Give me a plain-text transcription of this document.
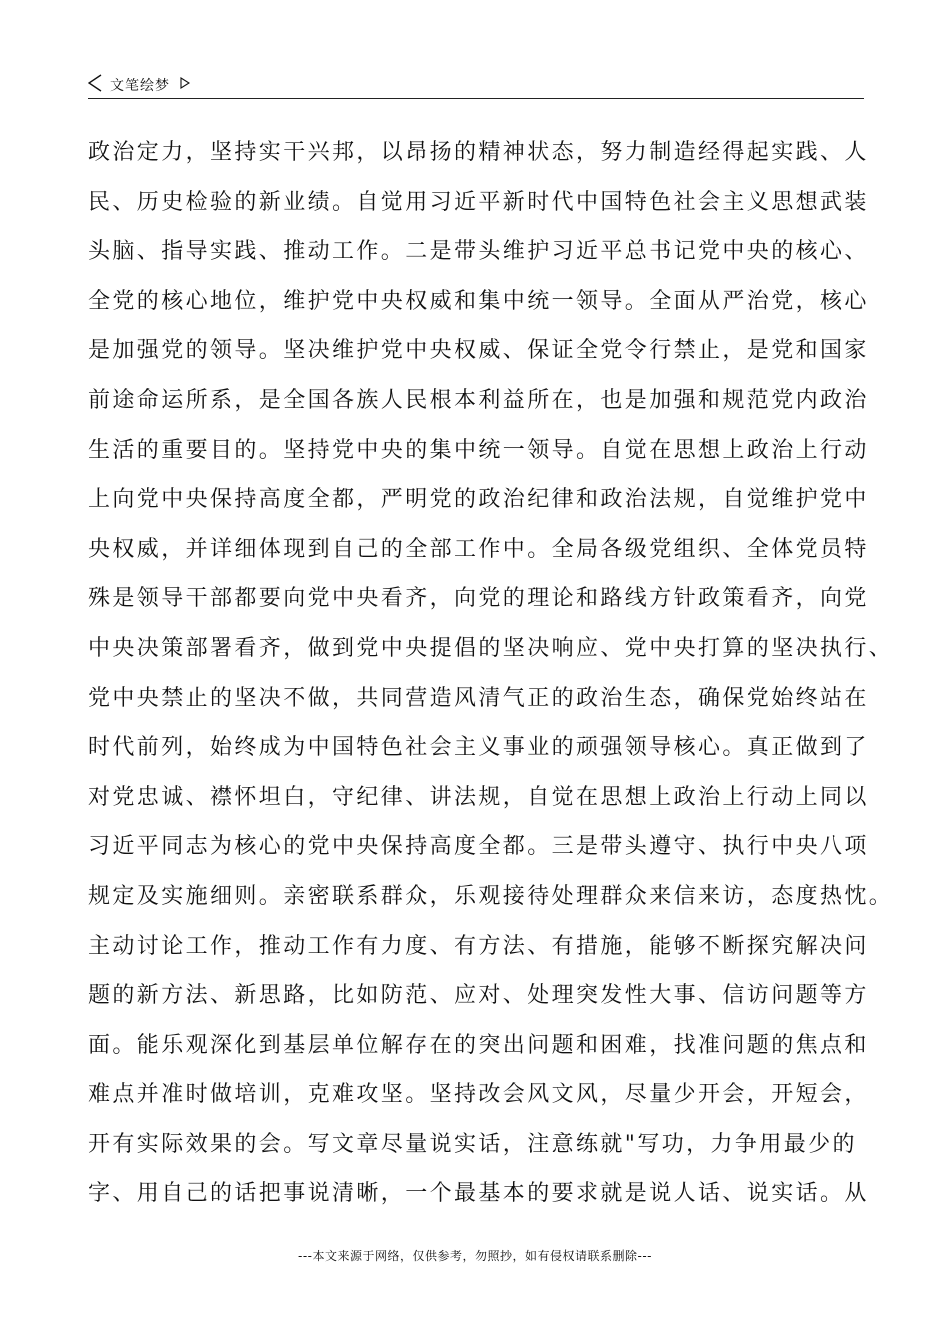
文笔绘梦
政治定力，坚持实干兴邦，以昂扬的精神状态，努力制造经得起实践、人
民、历史检验的新业绩。自觉用习近平新时代中国特色社会主义思想武装
头脑、指导实践、推动工作。二是带头维护习近平总书记党中央的核心、
全党的核心地位，维护党中央权威和集中统一领导。全面从严治党，核心
是加强党的领导。坚决维护党中央权威、保证全党令行禁止，是党和国家
前途命运所系，是全国各族人民根本利益所在，也是加强和规范党内政治
生活的重要目的。坚持党中央的集中统一领导。自觉在思想上政治上行动
上向党中央保持高度全都，严明党的政治纪律和政治法规，自觉维护党中
央权威，并详细体现到自己的全部工作中。全局各级党组织、全体党员特
殊是领导干部都要向党中央看齐，向党的理论和路线方针政策看齐，向党
中央决策部署看齐，做到党中央提倡的坚决响应、党中央打算的坚决执行、
党中央禁止的坚决不做，共同营造风清气正的政治生态，确保党始终站在
时代前列，始终成为中国特色社会主义事业的顽强领导核心。真正做到了
对党忠诚、襟怀坦白，守纪律、讲法规，自觉在思想上政治上行动上同以
习近平同志为核心的党中央保持高度全都。三是带头遵守、执行中央八项
规定及实施细则。亲密联系群众，乐观接待处理群众来信来访，态度热忱。
主动讨论工作，推动工作有力度、有方法、有措施，能够不断探究解决问
题的新方法、新思路，比如防范、应对、处理突发性大事、信访问题等方
面。能乐观深化到基层单位解存在的突出问题和困难，找准问题的焦点和
难点并准时做培训，克难攻坚。坚持改会风文风，尽量少开会，开短会，
开有实际效果的会。写文章尽量说实话，注意练就"写功，力争用最少的
字、用自己的话把事说清晰，一个最基本的要求就是说人话、说实话。从
---本文来源于网络，仅供参考，勿照抄，如有侵权请联系删除---
